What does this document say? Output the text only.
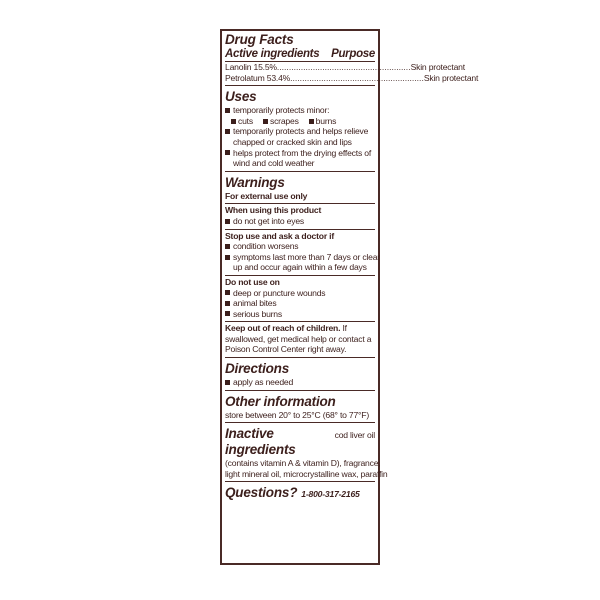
Drug Facts
Active ingredients Purpose
Lanolin 15.5% .....	Skin protectant
Petrolatum 53.4% .....	Skin protectant
Uses
temporarily protects minor:
cuts scrapes burns
temporarily protects and helps relieve
chapped or cracked skin and lips
helps protect from the drying effects of
wind and cold weather
Warnings
For external use only
When using this product
do not get into eyes
Stop use and ask a doctor if
condition worsens
symptoms last more than 7 days or clear
up and occur again within a few days
Do not use on
deep or puncture wounds
animal bites
serious burns
Keep out of reach of children. If
swallowed, get medical help or contact a
Poison Control Center right away.
Directions
apply as needed
Other information
store between 20° to 25°C (68° to 77°F)
Inactive ingredients
cod liver oil
(contains vitamin A & vitamin D), fragrance,
light mineral oil, microcrystalline wax, paraffin
Questions? 1-800-317-2165
